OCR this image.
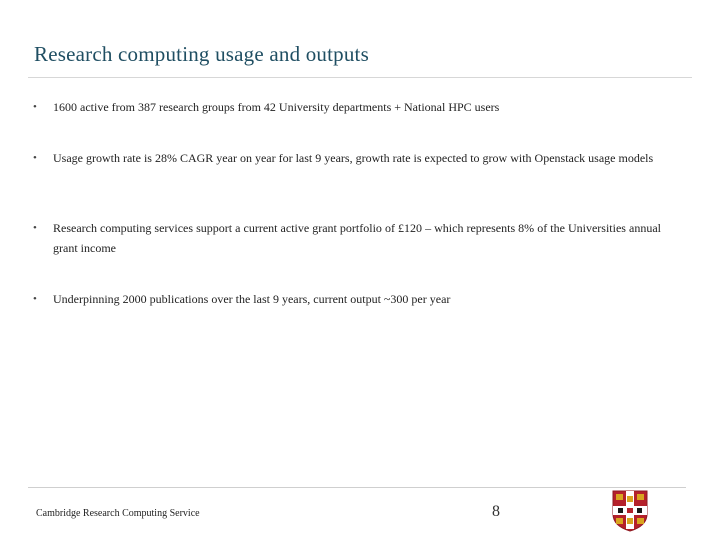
Research computing usage and outputs
• 1600 active from 387 research groups from 42 University departments + National HPC users
• Usage growth rate is 28% CAGR year on year for last 9 years, growth rate is expected to grow with Openstack usage models
• Research computing services support a current active grant portfolio of £120 – which represents 8% of the Universities annual grant income
• Underpinning 2000 publications over the last 9 years, current output ~300 per year
Cambridge Research Computing Service	8
